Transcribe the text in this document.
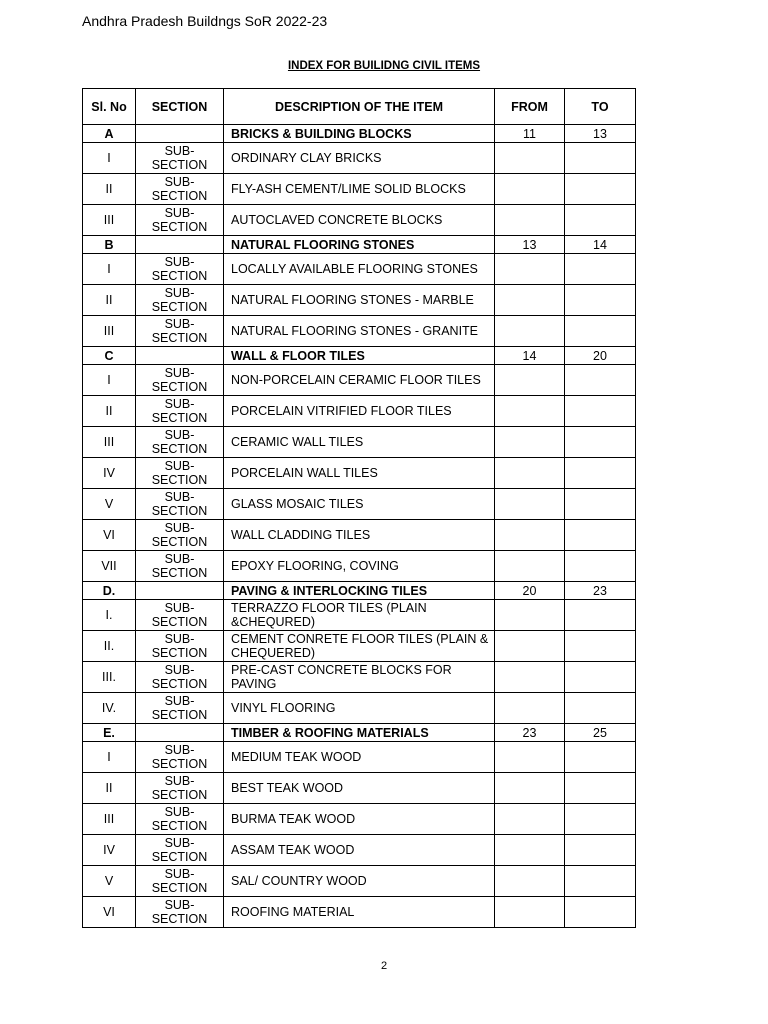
Andhra Pradesh Buildngs SoR 2022-23
INDEX FOR BUILIDNG CIVIL ITEMS
Sl. No	SECTION	DESCRIPTION OF THE ITEM	FROM	TO
A		BRICKS & BUILDING BLOCKS	11	13
I	SUB-SECTION	ORDINARY CLAY BRICKS		
II	SUB-SECTION	FLY-ASH CEMENT/LIME SOLID BLOCKS		
III	SUB-SECTION	AUTOCLAVED CONCRETE BLOCKS		
B		NATURAL FLOORING STONES	13	14
I	SUB-SECTION	LOCALLY AVAILABLE FLOORING STONES		
II	SUB-SECTION	NATURAL FLOORING STONES - MARBLE		
III	SUB-SECTION	NATURAL FLOORING STONES - GRANITE		
C		WALL & FLOOR TILES	14	20
I	SUB-SECTION	NON-PORCELAIN CERAMIC FLOOR TILES		
II	SUB-SECTION	PORCELAIN VITRIFIED FLOOR TILES		
III	SUB-SECTION	CERAMIC WALL TILES		
IV	SUB-SECTION	PORCELAIN WALL TILES		
V	SUB-SECTION	GLASS MOSAIC TILES		
VI	SUB-SECTION	WALL CLADDING TILES		
VII	SUB-SECTION	EPOXY FLOORING, COVING		
D.		PAVING & INTERLOCKING TILES	20	23
I.	SUB-SECTION	TERRAZZO FLOOR TILES (PLAIN &CHEQURED)		
II.	SUB-SECTION	CEMENT CONRETE FLOOR TILES (PLAIN & CHEQUERED)		
III.	SUB-SECTION	PRE-CAST CONCRETE BLOCKS FOR PAVING		
IV.	SUB-SECTION	VINYL FLOORING		
E.		TIMBER & ROOFING MATERIALS	23	25
I	SUB-SECTION	MEDIUM TEAK WOOD		
II	SUB-SECTION	BEST TEAK WOOD		
III	SUB-SECTION	BURMA TEAK WOOD		
IV	SUB-SECTION	ASSAM TEAK WOOD		
V	SUB-SECTION	SAL/ COUNTRY WOOD		
VI	SUB-SECTION	ROOFING MATERIAL		
2
